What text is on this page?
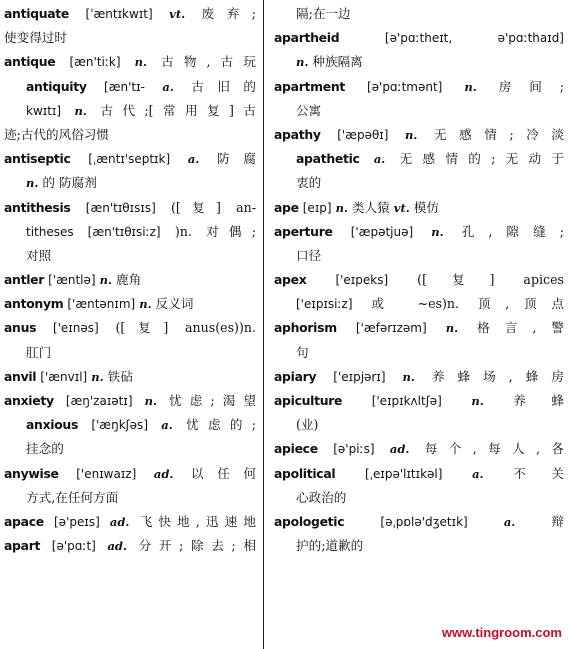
antiquate [ˈæntɪkwɪt] vt. 废弃;
使变得过时
antique [æn'tiːk] n. 古物,古玩
antiquity [æn'tɪ- a. 古旧的
kwɪtɪ] n. 古代;[常用复]古
迹;古代的风俗习惯
antiseptic [ˌæntɪ'septɪk] a. 防腐
n. 的 防腐剂
antithesis [æn'tɪθɪsɪs] ([复] an-
titheses [æn'tɪθɪsiːz] )n. 对偶;
对照
antler ['æntlə] n. 鹿角
antonym ['æntənɪm] n. 反义词
anus ['eɪnəs] ([复] anus(es))n.
肛门
anvil ['ænvɪl] n. 铁砧
anxiety [æŋ'zaɪətɪ] n. 忧虑;渴望
anxious ['æŋkʃəs] a. 忧虑的;
挂念的
anywise ['enɪwaɪz] ad. 以任何
方式,在任何方面
apace [ə'peɪs] ad. 飞快地,迅速地
apart [ə'pɑːt] ad. 分开;除去;相
隔;在一边
apartheid	[ə'pɑːtheɪt, ə'pɑːthaɪd]
n. 种族隔离
apartment [ə'pɑːtmənt] n. 房间;
公寓
apathy ['æpəθɪ] n. 无感情;冷淡
apathetic a. 无感情的;无动于
衷的
ape [eɪp] n. 类人猿 vt. 模仿
aperture ['æpətjuə] n. 孔,隙缝;
口径
apex ['eɪpeks] ([复] apices
['eɪpɪsiːz] 或 ~es)n. 顶,顶点
aphorism ['æfərɪzəm] n. 格言,警
句
apiary ['eɪpjərɪ] n. 养蜂场,蜂房
apiculture ['eɪpɪkʌltʃə]	n. 养蜂
(业)
apiece [ə'piːs] ad. 每个,每人,各
apolitical [ˌeɪpə'lɪtɪkəl]	a. 不关
心政治的
apologetic	[əˌpɒlə'dʒetɪk]	a.	辩
护的;道歉的
www.tingroom.com
